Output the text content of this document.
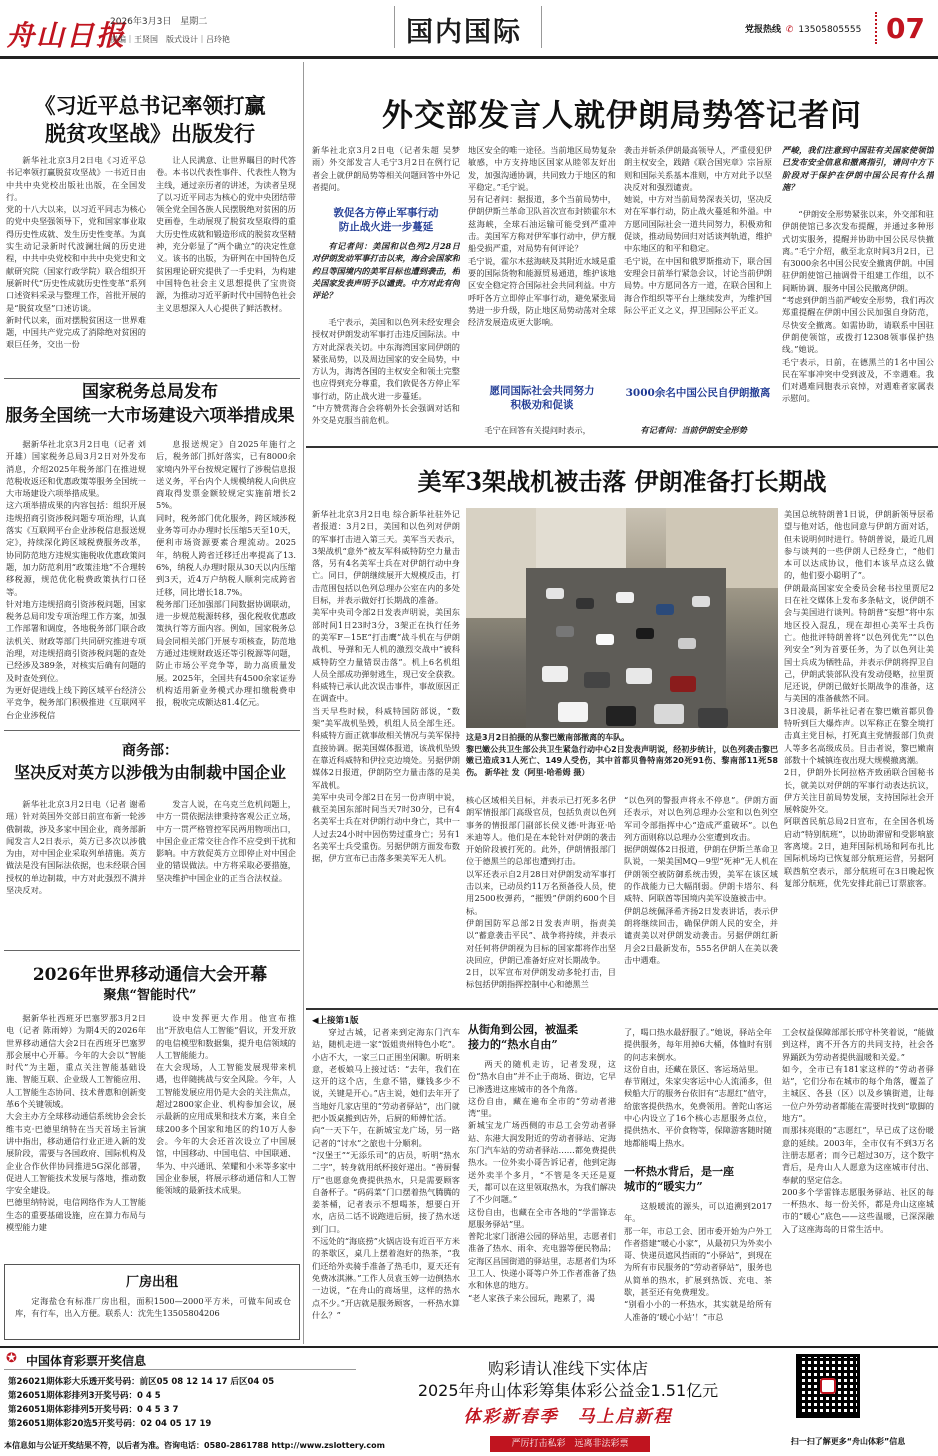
舟山日报
2026年3月3日 星期二
责编｜王贤国　版式设计｜吕玲艳	国内国际	党报热线 ✆ 13505805555 07
《习近平总书记率领打赢
脱贫攻坚战》出版发行
新华社北京3月2日电《习近平总书记率领打赢脱贫攻坚战》一书近日由中共中央党校出版社出版，在全国发行。
党的十八大以来，以习近平同志为核心的党中央坚强领导下，党和国家事业取得历史性成就、发生历史性变革。为真实生动记录新时代波澜壮阔的历史进程，中共中央党校和中共中央党史和文献研究院（国家行政学院）联合组织开展新时代“历史性成就历史性变革”系列口述资料采录与整理工作，首批开展的是“脱贫攻坚”口述访谈。
新时代以来，面对摆脱贫困这一世界难题，中国共产党完成了消除绝对贫困的艰巨任务，交出一份
让人民满意、让世界瞩目的时代答卷。本书以代表性事件、代表性人物为主线，通过亲历者的讲述，为读者呈现了以习近平同志为核心的党中央团结带领全党全国各族人民摆脱绝对贫困的历史画卷，生动展现了脱贫攻坚取得的重大历史性成就和锻造形成的脱贫攻坚精神，充分彰显了“两个确立”的决定性意义。该书的出版，为研判在中国特色反贫困理论研究提供了一手史料，为构建中国特色社会主义思想提供了宝贵资源，为推动习近平新时代中国特色社会主义思想深入人心提供了鲜活教材。
国家税务总局发布
服务全国统一大市场建设六项举措成果
据新华社北京3月2日电（记者 刘开雄）国家税务总局3月2日对外发布消息，介绍2025年税务部门在推进规范税收返还和优惠政策等服务全国统一大市场建设六项举措成果。
这六项举措成果的内容包括：组织开展违规招商引资涉税问题专项治理，认真落实《互联网平台企业涉税信息报送规定》，持续深化跨区域税费服务改革，协同防范地方违规实施税收优惠政策问题，加力防范利用“政策洼地”不合理转移税源，规范优化税费政策执行口径等。
针对地方违规招商引资涉税问题，国家税务总局印发专项治理工作方案，加强工作部署和调度，各地税务部门联合政法机关、财政等部门共同研究推进专项治理，对违规招商引资涉税问题的查处已经涉及389条，对核实后确有问题的及时查处到位。
为更好促进线上线下跨区域平台经济公平竞争，税务部门积极推进《互联网平台企业涉税信
息报送规定》自2025年施行之后，税务部门抓好落实，已有8000余家境内外平台按规定履行了涉税信息报送义务，平台内个人规模纳税人向供应商取得发票金额较规定实施前增长25%。
同时，税务部门优化服务，跨区域涉税业务等可办办理时长压缩5天至10天，便利市场资源要素合理流动。2025年，纳税人跨省迁移迁出率提高了13.6%，纳税人办理时限从30天以内压缩到3天，近4万户纳税人顺利完成跨省迁移，同比增长18.7%。
税务部门还加强部门间数据协调联动，进一步规范税源转移，强化税收优惠政策执行等方面内容。例如，国家税务总局会同相关部门开展专项核查，防范地方通过违规财政返还等引税源等问题，防止市场公平竞争等，助力高质量发展。2025年，全国共有4500余家证券机构适用新业务模式办理扣缴税费申报，税收完成额达81.4亿元。
商务部：
坚决反对英方以涉俄为由制裁中国企业
新华社北京3月2日电（记者 谢希瑶）针对英国外交部日前宣布新一轮涉俄制裁，涉及多家中国企业，商务部新闻发言人2日表示，英方已多次以涉俄为由，对中国企业采取列单措施。英方做法是没有国际法依据，也未经联合国授权的单边制裁，中方对此强烈不满并坚决反对。
发言人说，在乌克兰危机问题上，中方一贯依据法律秉持客观公正立场，中方一贯严格管控军民两用物项出口，中国企业正常交往合作不应受到干扰和影响。中方敦促英方立即停止对中国企业的错误做法。中方将采取必要措施，坚决维护中国企业的正当合法权益。
2026年世界移动通信大会开幕
聚焦“智能时代”
据新华社西班牙巴塞罗那3月2日电（记者 陈雨婷）为期4天的2026年世界移动通信大会2日在西班牙巴塞罗那会展中心开幕。今年的大会以“智能时代”为主题，重点关注智能基础设施、智能互联、企业级人工智能应用、人工智能生态协同、技术普惠和创新变革6个关键领域。
大会主办方全球移动通信系统协会会长维韦克·巴德里纳特在当天首场主旨演讲中指出，移动通信行业正进入新的发展阶段，需要与各国政府、国际机构及企业合作伙伴协同推进5G深化部署，促进人工智能技术发展与落地，推动数字安全建设。
巴德里纳特说，电信网络作为人工智能生态的重要基础设施，应在算力布局与模型能力建
设中发挥更大作用。他宣布推出“开放电信人工智能”倡议，开发开放的电信模型和数据集，提升电信领域的人工智能能力。
在大会现场，人工智能发展现带来机遇，也伴随挑战与安全风险。今年，人工智能发展应用仍是大会的关注焦点，超过2800家企业、机构参加会议，展示最新的应用成果和技术方案，来自全球200多个国家和地区的约10万人参会。今年的大会还首次设立了中国展馆，中国移动、中国电信、中国联通、华为、中兴通讯、荣耀和小米等多家中国企业参展，将展示移动通信和人工智能领域的最新技术成果。
厂房出租
定海盐仓有标准厂房出租，面积1500—2000平方米，可做车间或仓库，有行车，出入方便。联系人：沈先生13505804206
外交部发言人就伊朗局势答记者问
新华社北京3月2日电（记者朱超 吴梦雨）外交部发言人毛宁3月2日在例行记者会上就伊朗局势等相关问题回答中外记者提问。
敦促各方停止军事行动
防止战火进一步蔓延
有记者问：美国和以色列2月28日对伊朗发动军事打击以来，海合会国家和约旦等国境内的美军目标也遭到袭击，相关国家发表声明予以谴责。中方对此有何评论？
毛宁表示，美国和以色列未经安理会授权对伊朗发动军事打击违反国际法。中方对此深表关切。中东海湾国家同伊朗的紧张局势，以及周边国家的安全局势，中方认为，海湾各国的主权安全和领土完整也应得到充分尊重，我们敦促各方停止军事行动，防止战火进一步蔓延。
“中方赞赏海合会将朝外长会强调对话和外交是克服当前危机。
地区安全的唯一途径。当前地区局势复杂敏感，中方支持地区国家从睦邻友好出发，加强沟通协调，共同致力于地区的和平稳定。”毛宁说。
另有记者问：据报道，多个当前局势中，伊朗伊斯兰革命卫队首次宣布封锁霍尔木兹海峡，全球石油运输可能受到严重冲击。美国军方称对伊军事行动中，伊方舰船受损严重，对局势有何评论？
毛宁说，霍尔木兹海峡及其附近水域是重要的国际货物和能源贸易通道，维护该地区安全稳定符合国际社会共同利益。中方呼吁各方立即停止军事行动，避免紧张局势进一步升级，防止地区局势动荡对全球经济发展造成更大影响。
愿同国际社会共同努力
积极劝和促谈
毛宁在回答有关提问时表示，
袭击并斩杀伊朗最高领导人，严重侵犯伊朗主权安全，践踏《联合国宪章》宗旨原则和国际关系基本准则，中方对此予以坚决反对和强烈谴责。
她说，中方对当前局势深表关切，坚决反对在军事行动，防止战火蔓延和外溢。中方愿同国际社会一道共同努力，积极劝和促谈，推动局势回归对话谈判轨道，维护中东地区的和平和稳定。
毛宁说，在中国和俄罗斯推动下，联合国安理会日前举行紧急会议，讨论当前伊朗局势。中方愿同各方一道，在联合国和上海合作组织等平台上继续发声，为维护国际公平正义之义，捍卫国际公平正义。
3000余名中国公民自伊朗撤离
有记者问：当前伊朗安全形势
严峻，我们注意到中国驻有关国家使领馆已发布安全信息和撤离指引，请问中方下阶段对于保护在伊朗中国公民有什么措施？
“伊朗安全形势紧张以来，外交部和驻伊朗使馆已多次发布提醒，并通过多种形式切实服务，提醒并协助中国公民尽快撤离。”毛宁介绍，截至北京时间3月2日，已有3000余名中国公民安全撤离伊朗。中国驻伊朗使馆已抽调骨干组建工作组，以不间断协调、服务中国公民撤离伊朗。
“考虑到伊朗当前严峻安全形势，我们再次郑重提醒在伊朗中国公民加强自身防范，尽快安全撤离。如需协助，请联系中国驻伊朗使领馆，或拨打12308领事保护热线。”她说。
毛宁表示，日前，在德黑兰的1名中国公民在军事冲突中受到波及，不幸遇难。我们对遇难同胞表示哀悼，对遇难者家属表示慰问。
美军3架战机被击落 伊朗准备打长期战
新华社北京3月2日电 综合新华社驻外记者报道：3月2日，美国和以色列对伊朗的军事打击进入第三天。美军当天表示，3架战机“意外”被友军科威特防空力量击落，另有4名美军士兵在对伊朗行动中身亡。同日，伊朗继续展开大规模反击，打击范围包括以色列总理办公室在内的多处目标，并表示做好打长期战的准备。
美军中央司令部2日发表声明说，美国东部时间1日23时3分，3架正在执行任务的美军F－15E“打击鹰”战斗机在与伊朗战机、导弹和无人机的激烈交战中“被科威特防空力量错误击落”。机上6名机组人员全部成功弹射逃生，现已安全获救。科威特已承认此次误击事件，事故原因正在调查中。
当天早些时候，科威特国防部说，“数架”美军战机坠毁，机组人员全部生还。科威特方面正就事故相关情况与美军保持直接协调。据美国媒体报道，该战机坠毁在靠近科威特和伊拉克边境处。另据伊朗媒体2日报道，伊朗防空力量击落的是美军战机。
美军中央司令部2日在另一份声明中说，截至美国东部时间当天7时30分，已有4名美军士兵在对伊朗行动中身亡，其中一人过去24小时中因伤势过重身亡；另有1名美军士兵受重伤。另据伊朗方面发布数据，伊方宣布已击落多架美军无人机。
这是3月2日拍摄的从黎巴嫩南部撤离的车队。
黎巴嫩公共卫生部公共卫生紧急行动中心2日发表声明说，经初步统计，以色列袭击黎巴嫩已造成31人死亡、149人受伤，其中首都贝鲁特南郊20死91伤、黎南部11死58伤。 新华社 发（阿里·哈希姆 摄）
核心区域相关目标，并表示已打死多名伊朗军情报部门高级官员，包括负责以色列事务的情报部门副部长侯义德·叶海亚·哈米迪等人。他们是在本轮针对伊朗的袭击开始阶段被打死的。此外，伊朗情报部门位于德黑兰的总部也遭到打击。
以军还表示自2月28日对伊朗发动军事打击以来，已动员约11万名预备役人员，使用2500枚弹药，“摧毁”伊朗约600个目标。
伊朗国防军总部2日发表声明，指责美以“蓄意袭击平民”、战争将持续，并表示对任何将伊朗视为目标的国家都将作出坚决回应，伊朗已准备好应对长期战争。
2日，以军宣布对伊朗发动多轮打击，目标包括伊朗指挥控制中心和德黑兰
“以色列的警报声将永不停息”。伊朗方面还表示，对以色列总理办公室和以色列空军司令部指挥中心“造成严重破坏”。以色列方面则称以总理办公室遭到攻击。
据伊朗媒体2日报道，伊朗在伊斯兰革命卫队说，一架美国MQ－9型“死神”无人机在伊朗领空被防御系统击毁，美军在该区域的作战能力已大幅削弱。伊朗卡塔尔、科威特、阿联酋等国境内美军设施被击中。
伊朗总统佩泽希齐扬2日发表讲话，表示伊朗将继续回击，确保伊朗人民的安全，并谴责美以对伊朗发动袭击。另据伊朗红新月会2日最新发布，555名伊朗人在美以袭击中遇难。
美国总统特朗普1日说，伊朗新领导层希望与他对话，他也同意与伊朗方面对话，但未说明何时进行。特朗普说，最近几周参与谈判的一些伊朗人已经身亡，“他们本可以达成协议，他们本该早点这么做的，他们耍小聪明了”。
伊朗最高国家安全委员会秘书拉里贾尼2日在社交媒体上发布多条帖文，说伊朗不会与美国进行谈判。特朗普“妄想”将中东地区投入混乱，现在却担心美军士兵伤亡。他批评特朗普将“以色列优先”“以色列安全”列为首要任务，为了以色列让美国士兵成为牺牲品，并表示伊朗将捍卫自己，伊朗武装部队没有发动侵略，拉里贾尼还说，伊朗已做好长期战争的准备，这与美国的准备截然不同。
3日凌晨，新华社记者在黎巴嫩首都贝鲁特听到巨大爆炸声。以军称正在黎全境打击真主党目标，打死真主党情报部门负责人等多名高级成员。目击者说，黎巴嫩南部数十个城镇连夜出现大规模撤离潮。
2日，伊朗外长阿拉格齐致函联合国秘书长，就美以对伊朗的军事行动表达抗议，伊方关注目前局势发展，支持国际社会开展斡旋外交。
阿联酋民航总局2日宣布，在全国各机场启动“特别航班”，以协助滞留和受影响旅客离境。2日，迪拜国际机场和阿布扎比国际机场均已恢复部分航班运营，另据阿联酋航空表示，部分航班可在3日晚起恢复部分航班，优先安排此前已订票旅客。
◀上接第1版
穿过古城，记者来到定海东门汽车站，随机走进一家“饭姐贵州特色小吃”。小店不大，一家三口正围坐闲聊。听明来意，老板娘马上接过话：“去年，我们在这开的这个店，生意不错，赚钱多少不说，关键是开心。”店主说，她们去年开了当地好几家店里的“劳动者驿站”，出门就把小饭桌搬到店外，后厨的师傅忙活。
向“一天下午，在新城宝龙广场，另一路记者的“讨水”之旅也十分顺利。
“汉堡王”“无添乐司”的店员，听明“热水二字”，转身就用纸杯接好递出。“善厨餐厅”也愿意免费提供热水，只是需要顾客自备杯子。“码码菜”门口摆着热气腾腾的姜茶桶，记者表示不想喝茶，想要白开水，店员二话不说跑进后厨，接了热水送到门口。
不远处的“海底捞”火锅店设有近百平方米的茶歇区，桌几上摆着泡好的热茶，“我们还给外卖骑手准备了热毛巾，夏天还有免费冰淇淋。”工作人员袁玉婷一边倒热水一边说，“在舟山的商场里，这样的热水点不少。”开店就是服务顾客，一杯热水算什么？”
从街角到公园，被温柔
接力的“热水自由”
两天的随机走访，记者发现，这份“热水自由”并不止于商场、街边，它早已渗透进这座城市的各个角落。
这份自由，藏在遍布全市的“劳动者港湾”里。
新城宝龙广场西侧的市总工会劳动者驿站、东港大润发附近的劳动者驿站、定海东门汽车站的劳动者驿站……都免费提供热水。一位外卖小哥告诉记者，他到定海送外卖半个多月，“不管是冬天还是夏天，都可以在这里领取热水，为我们解决了不少问题。”
这份自由，也藏在全市各地的“学雷锋志愿服务驿站”里。
普陀北家门浙港公园的驿站里，志愿者们准备了热水、雨伞、充电器等便民物品；定海区昌国街道的驿站里，志愿者们为环卫工人、快递小哥等户外工作者准备了热水和休息的地方。
“老人家孩子来公园玩，跑累了，渴
了，喝口热水最舒服了。”她说，驿站全年提供服务，每年用掉6大桶，体恤时有别的问志来倒水。
这份自由，还藏在景区、客运场站里。
春节刚过，朱家尖客运中心人流涌多，但候船大厅的服务台依旧有“志愿红”值守，给旅客提供热水，免费领用。普陀山客运中心内设立了16个核心志愿服务点位，提供热水、平价食物等，保障游客随时随地都能喝上热水。
一杯热水背后，是一座
城市的“暖实力”
这般暖流的源头，可以追溯到2017年。
那一年，市总工会、团市委开始为户外工作者搭建“暖心小家”，从最初只为外卖小哥、快递员遮风挡雨的“小驿站”，到现在为所有市民服务的“劳动者驿站”，服务也从简单的热水，扩展到热饭、充电、茶歇，甚至还有免费理发。
“别看小小的一杯热水，其实就是给所有人准备的‘暖心小站’！”市总
工会权益保障部部长邢守朴笑着说，“能做到这样，离不开各方的共同支持，社会各界踊跃为劳动者提供温暖和关爱。”
如今，全市已有181家这样的“劳动者驿站”，它们分布在城市的每个角落，覆盖了主城区、各县（区）以及乡镇街道，让每一位户外劳动者都能在需要时找到“歇脚的地方”。
而那抹亮眼的“志愿红”，早已成了这份暖意的延续。2003年，全市仅有不到3万名注册志愿者；而今已超过30万，这个数字背后，是舟山人人愿意为这座城市付出、奉献的坚定信念。
200多个学雷锋志愿服务驿站、社区的每一杯热水、每一份关怀，都是舟山这座城市的“暖心”底色——这些温暖，已深深融入了这座海岛的日常生活中。
✪ 中国体育彩票开奖信息
第26021期体彩大乐透开奖号码：前区05 08 12 14 17 后区04 05
第26051期体彩排列3开奖号码：0 4 5
第26051期体彩排列5开奖号码：0 4 5 3 7
第26051期体彩20选5开奖号码：02 04 05 17 19
本信息如与公证开奖结果不符，以后者为准。咨询电话：0580-2861788 http://www.zslottery.com
购彩请认准线下实体店
2025年舟山体彩筹集体彩公益金1.51亿元
体彩新春季　马上启新程
严厉打击私彩　远离非法彩票	扫一扫了解更多“舟山体彩”信息
